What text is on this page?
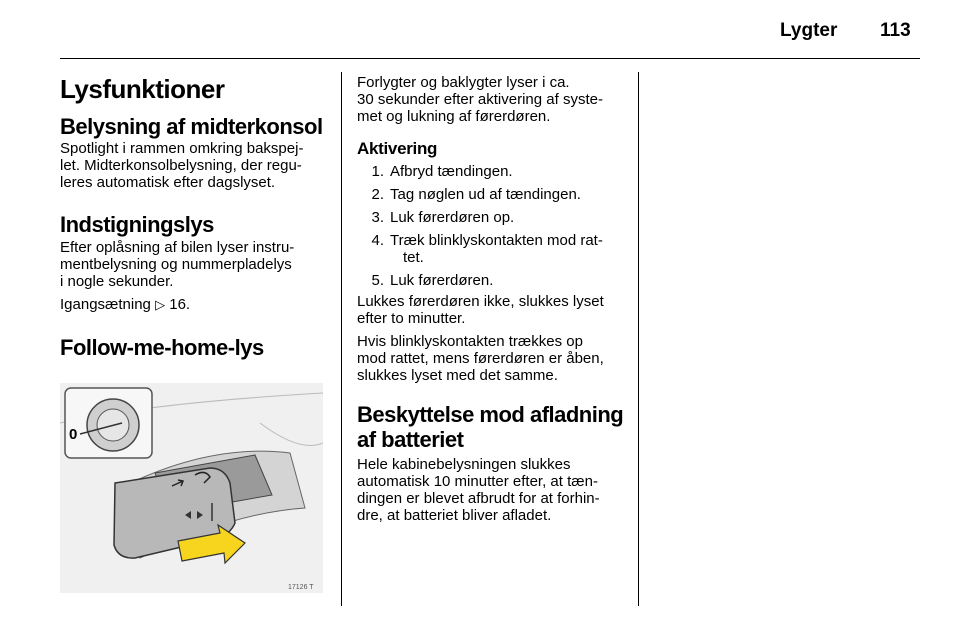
Lygter 113
Lysfunktioner
Belysning af midterkonsol

Spotlight i rammen omkring bakspej-
let. Midterkonsolbelysning, der regu-
leres automatisk efter dagslyset.

Indstigningslys

Efter oplåsning af bilen lyser instru-
mentbelysning og nummerpladelys
i nogle sekunder.

Igangsætning ▷ 16.

Follow-me-home-lys
0
17126 T

Forlygter og baklygter lyser i ca.
30 sekunder efter aktivering af syste-
met og lukning af førerdøren.

Aktivering
1. Afbryd tændingen.
2. Tag nøglen ud af tændingen.
3. Luk førerdøren op.
4. Træk blinklyskontakten mod rat-
tet.
5. Luk førerdøren.

Lukkes førerdøren ikke, slukkes lyset
efter to minutter.

Hvis blinklyskontakten trækkes op
mod rattet, mens førerdøren er åben,
slukkes lyset med det samme.

Beskyttelse mod afladning
af batteriet

Hele kabinebelysningen slukkes
automatisk 10 minutter efter, at tæn-
dingen er blevet afbrudt for at forhin-
dre, at batteriet bliver afladet.
